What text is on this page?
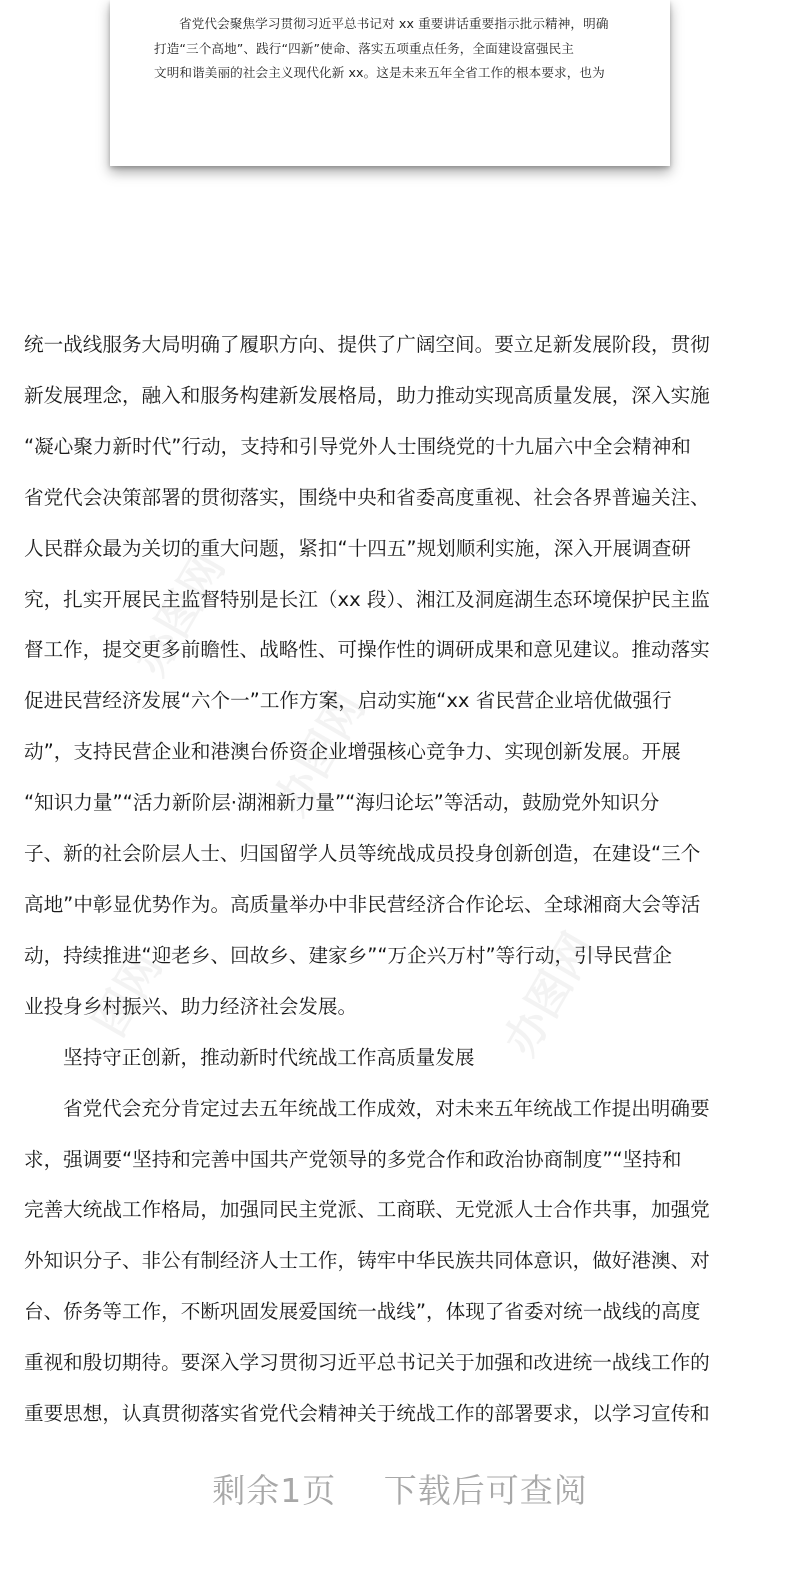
省党代会聚焦学习贯彻习近平总书记对 xx 重要讲话重要指示批示精神，明确

打造“三个高地”、践行“四新”使命、落实五项重点任务，全面建设富强民主

文明和谐美丽的社会主义现代化新 xx。这是未来五年全省工作的根本要求，也为

办图网
办图网
图网	办图网

统一战线服务大局明确了履职方向、提供了广阔空间。要立足新发展阶段，贯彻

新发展理念，融入和服务构建新发展格局，助力推动实现高质量发展，深入实施

“凝心聚力新时代”行动，支持和引导党外人士围绕党的十九届六中全会精神和

省党代会决策部署的贯彻落实，围绕中央和省委高度重视、社会各界普遍关注、

人民群众最为关切的重大问题，紧扣“十四五”规划顺利实施，深入开展调查研

究，扎实开展民主监督特别是长江（xx 段）、湘江及洞庭湖生态环境保护民主监

督工作，提交更多前瞻性、战略性、可操作性的调研成果和意见建议。推动落实

促进民营经济发展“六个一”工作方案，启动实施“xx 省民营企业培优做强行

动”，支持民营企业和港澳台侨资企业增强核心竞争力、实现创新发展。开展

“知识力量”“活力新阶层·湖湘新力量”“海归论坛”等活动，鼓励党外知识分

子、新的社会阶层人士、归国留学人员等统战成员投身创新创造，在建设“三个

高地”中彰显优势作为。高质量举办中非民营经济合作论坛、全球湘商大会等活

动，持续推进“迎老乡、回故乡、建家乡”“万企兴万村”等行动，引导民营企

业投身乡村振兴、助力经济社会发展。

坚持守正创新，推动新时代统战工作高质量发展

省党代会充分肯定过去五年统战工作成效，对未来五年统战工作提出明确要

求，强调要“坚持和完善中国共产党领导的多党合作和政治协商制度”“坚持和

完善大统战工作格局，加强同民主党派、工商联、无党派人士合作共事，加强党

外知识分子、非公有制经济人士工作，铸牢中华民族共同体意识，做好港澳、对

台、侨务等工作，不断巩固发展爱国统一战线”，体现了省委对统一战线的高度

重视和殷切期待。要深入学习贯彻习近平总书记关于加强和改进统一战线工作的

重要思想，认真贯彻落实省党代会精神关于统战工作的部署要求，以学习宣传和

剩余1页 下载后可查阅
